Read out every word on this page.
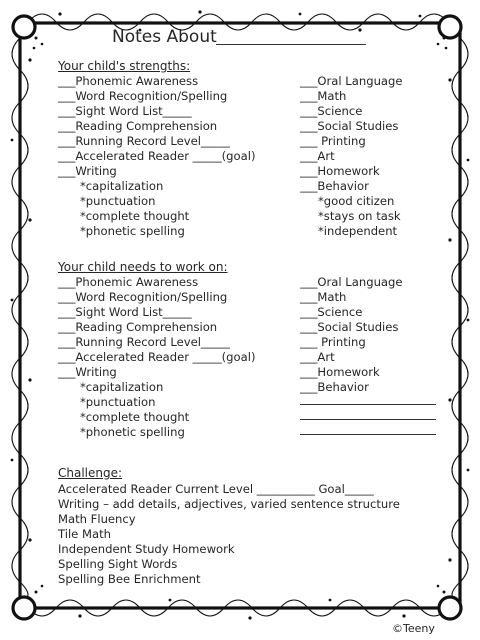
Notes About
Your child's strengths:
___Phonemic Awareness
___Word Recognition/Spelling
___Sight Word List_____
___Reading Comprehension
___Running Record Level_____
___Accelerated Reader _____(goal)
___Writing
*capitalization
*punctuation
*complete thought
*phonetic spelling
___Oral Language
___Math
___Science
___Social Studies
___ Printing
___Art
___Homework
___Behavior
*good citizen
*stays on task
*independent
Your child needs to work on:
___Phonemic Awareness
___Word Recognition/Spelling
___Sight Word List_____
___Reading Comprehension
___Running Record Level_____
___Accelerated Reader _____(goal)
___Writing
*capitalization
*punctuation
*complete thought
*phonetic spelling
___Oral Language
___Math
___Science
___Social Studies
___ Printing
___Art
___Homework
___Behavior
Challenge:
Accelerated Reader Current Level __________ Goal_____
Writing – add details, adjectives, varied sentence structure
Math Fluency
Tile Math
Independent Study Homework
Spelling Sight Words
Spelling Bee Enrichment
©Teeny
